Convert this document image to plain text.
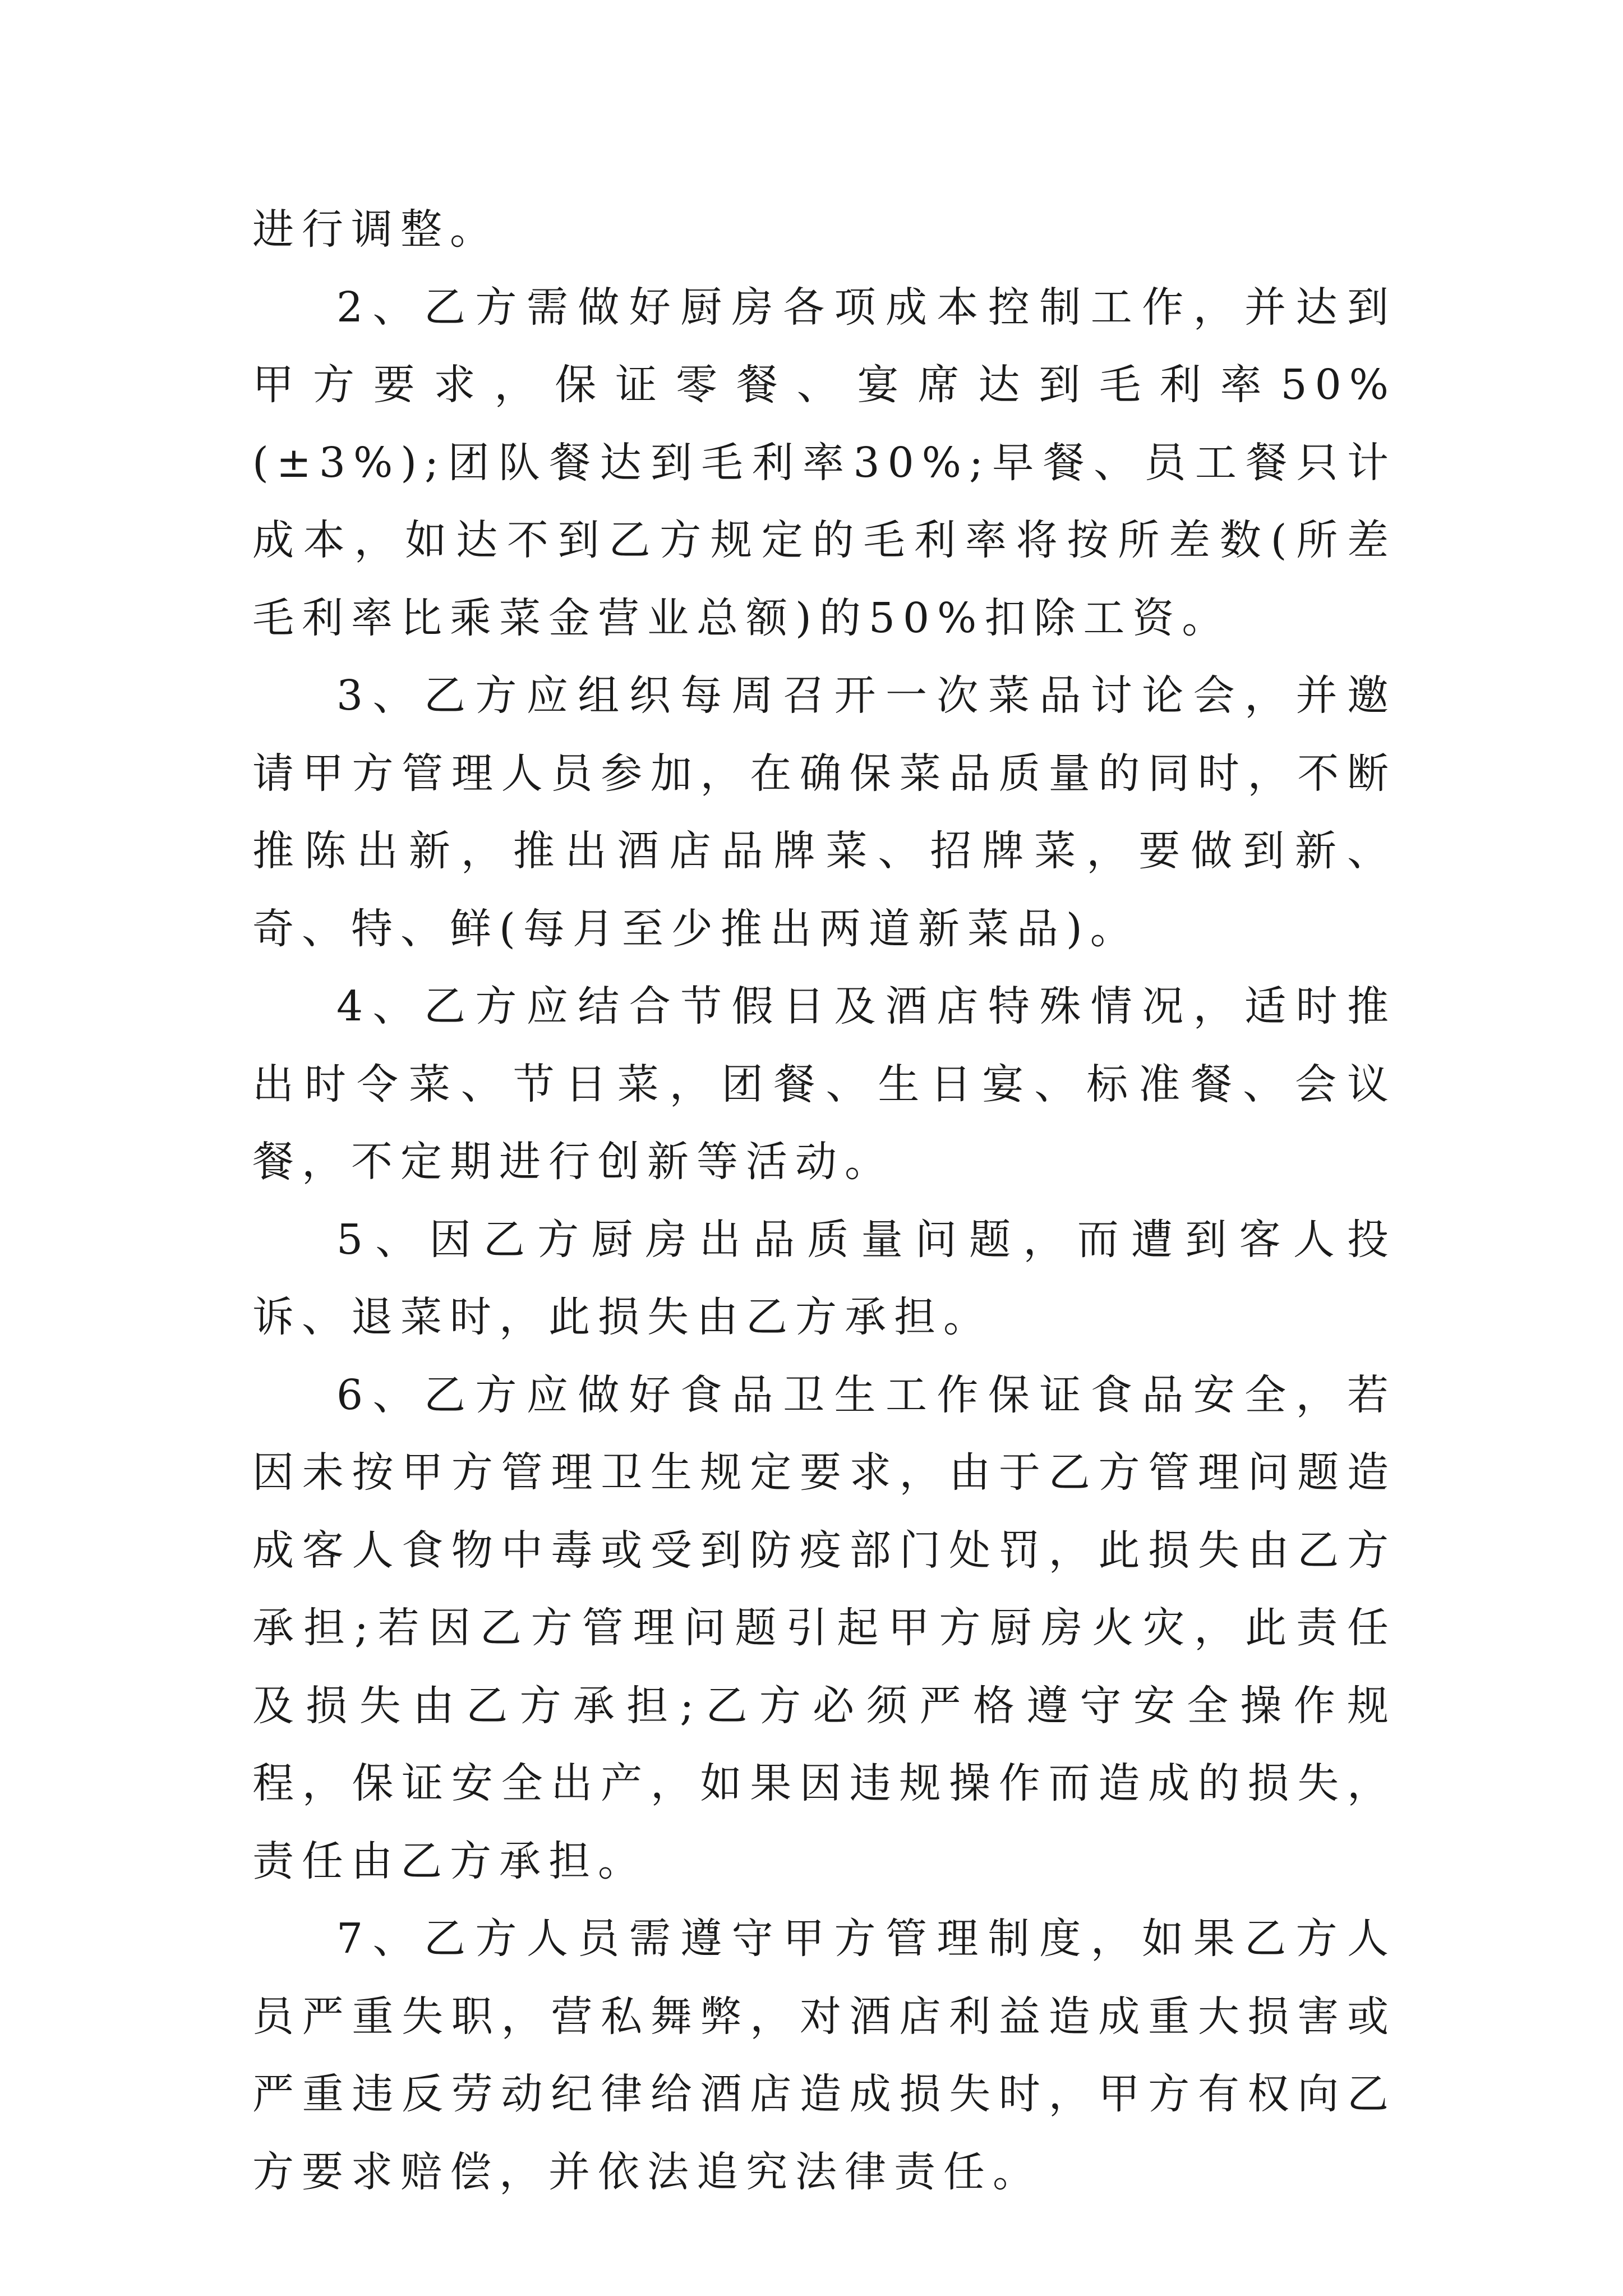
进行调整。

2、乙方需做好厨房各项成本控制工作，并达到甲方要求，保证零餐、宴席达到毛利率50%(±3%);团队餐达到毛利率30%;早餐、员工餐只计成本，如达不到乙方规定的毛利率将按所差数(所差毛利率比乘菜金营业总额)的50%扣除工资。

3、乙方应组织每周召开一次菜品讨论会，并邀请甲方管理人员参加，在确保菜品质量的同时，不断推陈出新，推出酒店品牌菜、招牌菜，要做到新、奇、特、鲜(每月至少推出两道新菜品)。

4、乙方应结合节假日及酒店特殊情况，适时推出时令菜、节日菜，团餐、生日宴、标准餐、会议餐，不定期进行创新等活动。

5、因乙方厨房出品质量问题，而遭到客人投诉、退菜时，此损失由乙方承担。

6、乙方应做好食品卫生工作保证食品安全，若因未按甲方管理卫生规定要求，由于乙方管理问题造成客人食物中毒或受到防疫部门处罚，此损失由乙方承担;若因乙方管理问题引起甲方厨房火灾，此责任及损失由乙方承担;乙方必须严格遵守安全操作规程，保证安全出产，如果因违规操作而造成的损失，责任由乙方承担。

7、乙方人员需遵守甲方管理制度，如果乙方人员严重失职，营私舞弊，对酒店利益造成重大损害或严重违反劳动纪律给酒店造成损失时，甲方有权向乙方要求赔偿，并依法追究法律责任。
